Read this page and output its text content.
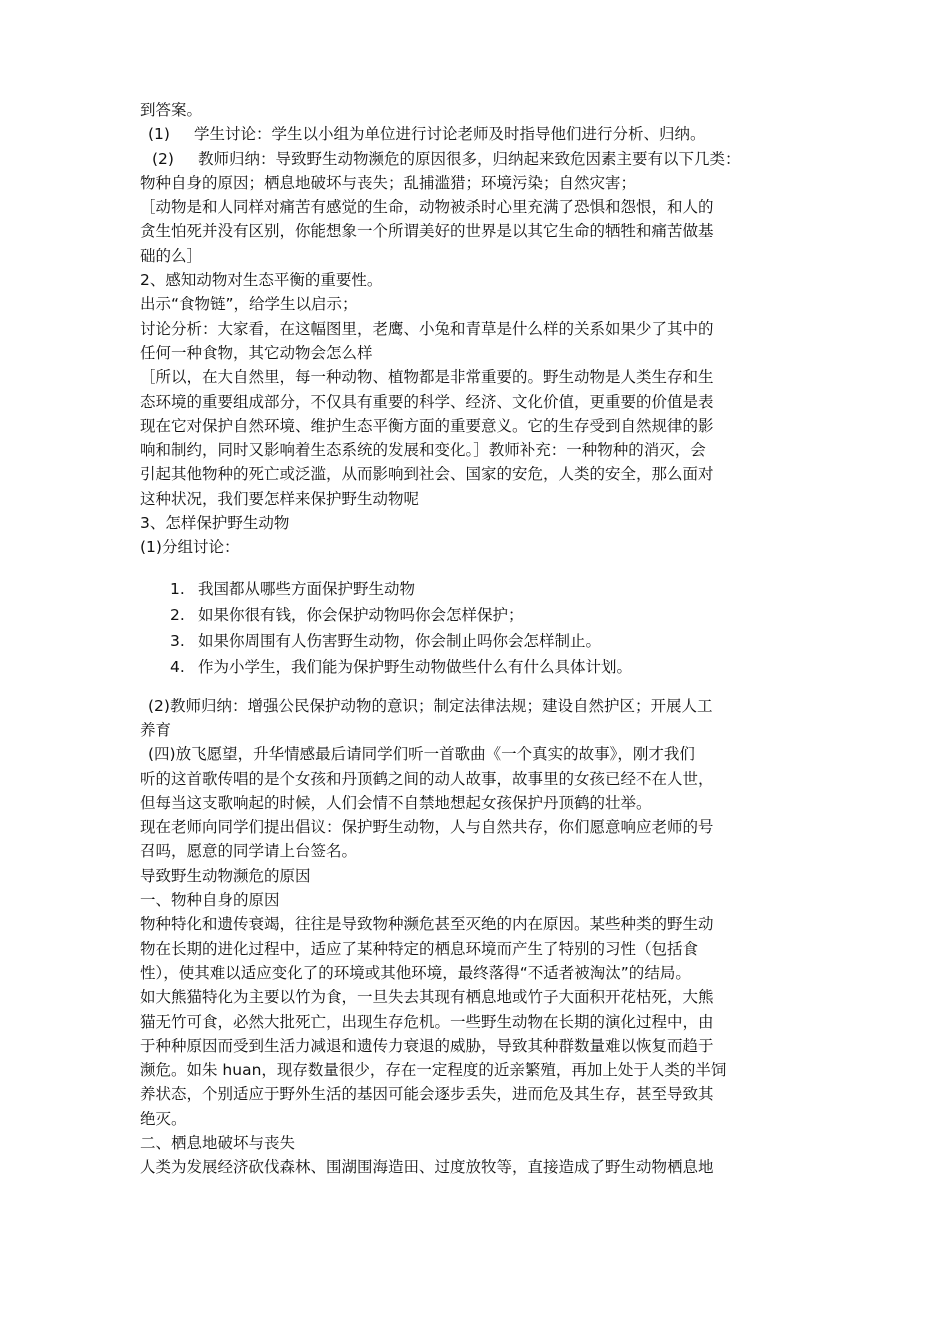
到答案。

(1) 学生讨论：学生以小组为单位进行讨论老师及时指导他们进行分析、归纳。

(2) 教师归纳：导致野生动物濒危的原因很多，归纳起来致危因素主要有以下几类：

物种自身的原因；栖息地破坏与丧失；乱捕滥猎；环境污染；自然灾害；

［动物是和人同样对痛苦有感觉的生命，动物被杀时心里充满了恐惧和怨恨，和人的

贪生怕死并没有区别，你能想象一个所谓美好的世界是以其它生命的牺牲和痛苦做基

础的么］

2、感知动物对生态平衡的重要性。

出示“食物链”，给学生以启示；

讨论分析：大家看，在这幅图里，老鹰、小兔和青草是什么样的关系如果少了其中的

任何一种食物，其它动物会怎么样

［所以，在大自然里，每一种动物、植物都是非常重要的。野生动物是人类生存和生

态环境的重要组成部分，不仅具有重要的科学、经济、文化价值，更重要的价值是表

现在它对保护自然环境、维护生态平衡方面的重要意义。它的生存受到自然规律的影

响和制约，同时又影响着生态系统的发展和变化。］教师补充：一种物种的消灭，会

引起其他物种的死亡或泛滥，从而影响到社会、国家的安危，人类的安全，那么面对

这种状况，我们要怎样来保护野生动物呢

3、怎样保护野生动物

(1)分组讨论：

1. 我国都从哪些方面保护野生动物
2. 如果你很有钱，你会保护动物吗你会怎样保护；
3. 如果你周围有人伤害野生动物，你会制止吗你会怎样制止。
4. 作为小学生，我们能为保护野生动物做些什么有什么具体计划。

(2)教师归纳：增强公民保护动物的意识；制定法律法规；建设自然护区；开展人工

养育

(四)放飞愿望，升华情感最后请同学们听一首歌曲《一个真实的故事》，刚才我们

听的这首歌传唱的是个女孩和丹顶鹤之间的动人故事，故事里的女孩已经不在人世，

但每当这支歌响起的时候，人们会情不自禁地想起女孩保护丹顶鹤的壮举。

现在老师向同学们提出倡议：保护野生动物，人与自然共存，你们愿意响应老师的号

召吗，愿意的同学请上台签名。

导致野生动物濒危的原因

一、物种自身的原因

物种特化和遗传衰竭，往往是导致物种濒危甚至灭绝的内在原因。某些种类的野生动

物在长期的进化过程中，适应了某种特定的栖息环境而产生了特别的习性（包括食

性），使其难以适应变化了的环境或其他环境，最终落得“不适者被淘汰”的结局。

如大熊猫特化为主要以竹为食，一旦失去其现有栖息地或竹子大面积开花枯死，大熊

猫无竹可食，必然大批死亡，出现生存危机。一些野生动物在长期的演化过程中，由

于种种原因而受到生活力减退和遗传力衰退的威胁，导致其种群数量难以恢复而趋于

濒危。如朱 huan，现存数量很少，存在一定程度的近亲繁殖，再加上处于人类的半饲

养状态，个别适应于野外生活的基因可能会逐步丢失，进而危及其生存，甚至导致其

绝灭。

二、栖息地破坏与丧失

人类为发展经济砍伐森林、围湖围海造田、过度放牧等，直接造成了野生动物栖息地
